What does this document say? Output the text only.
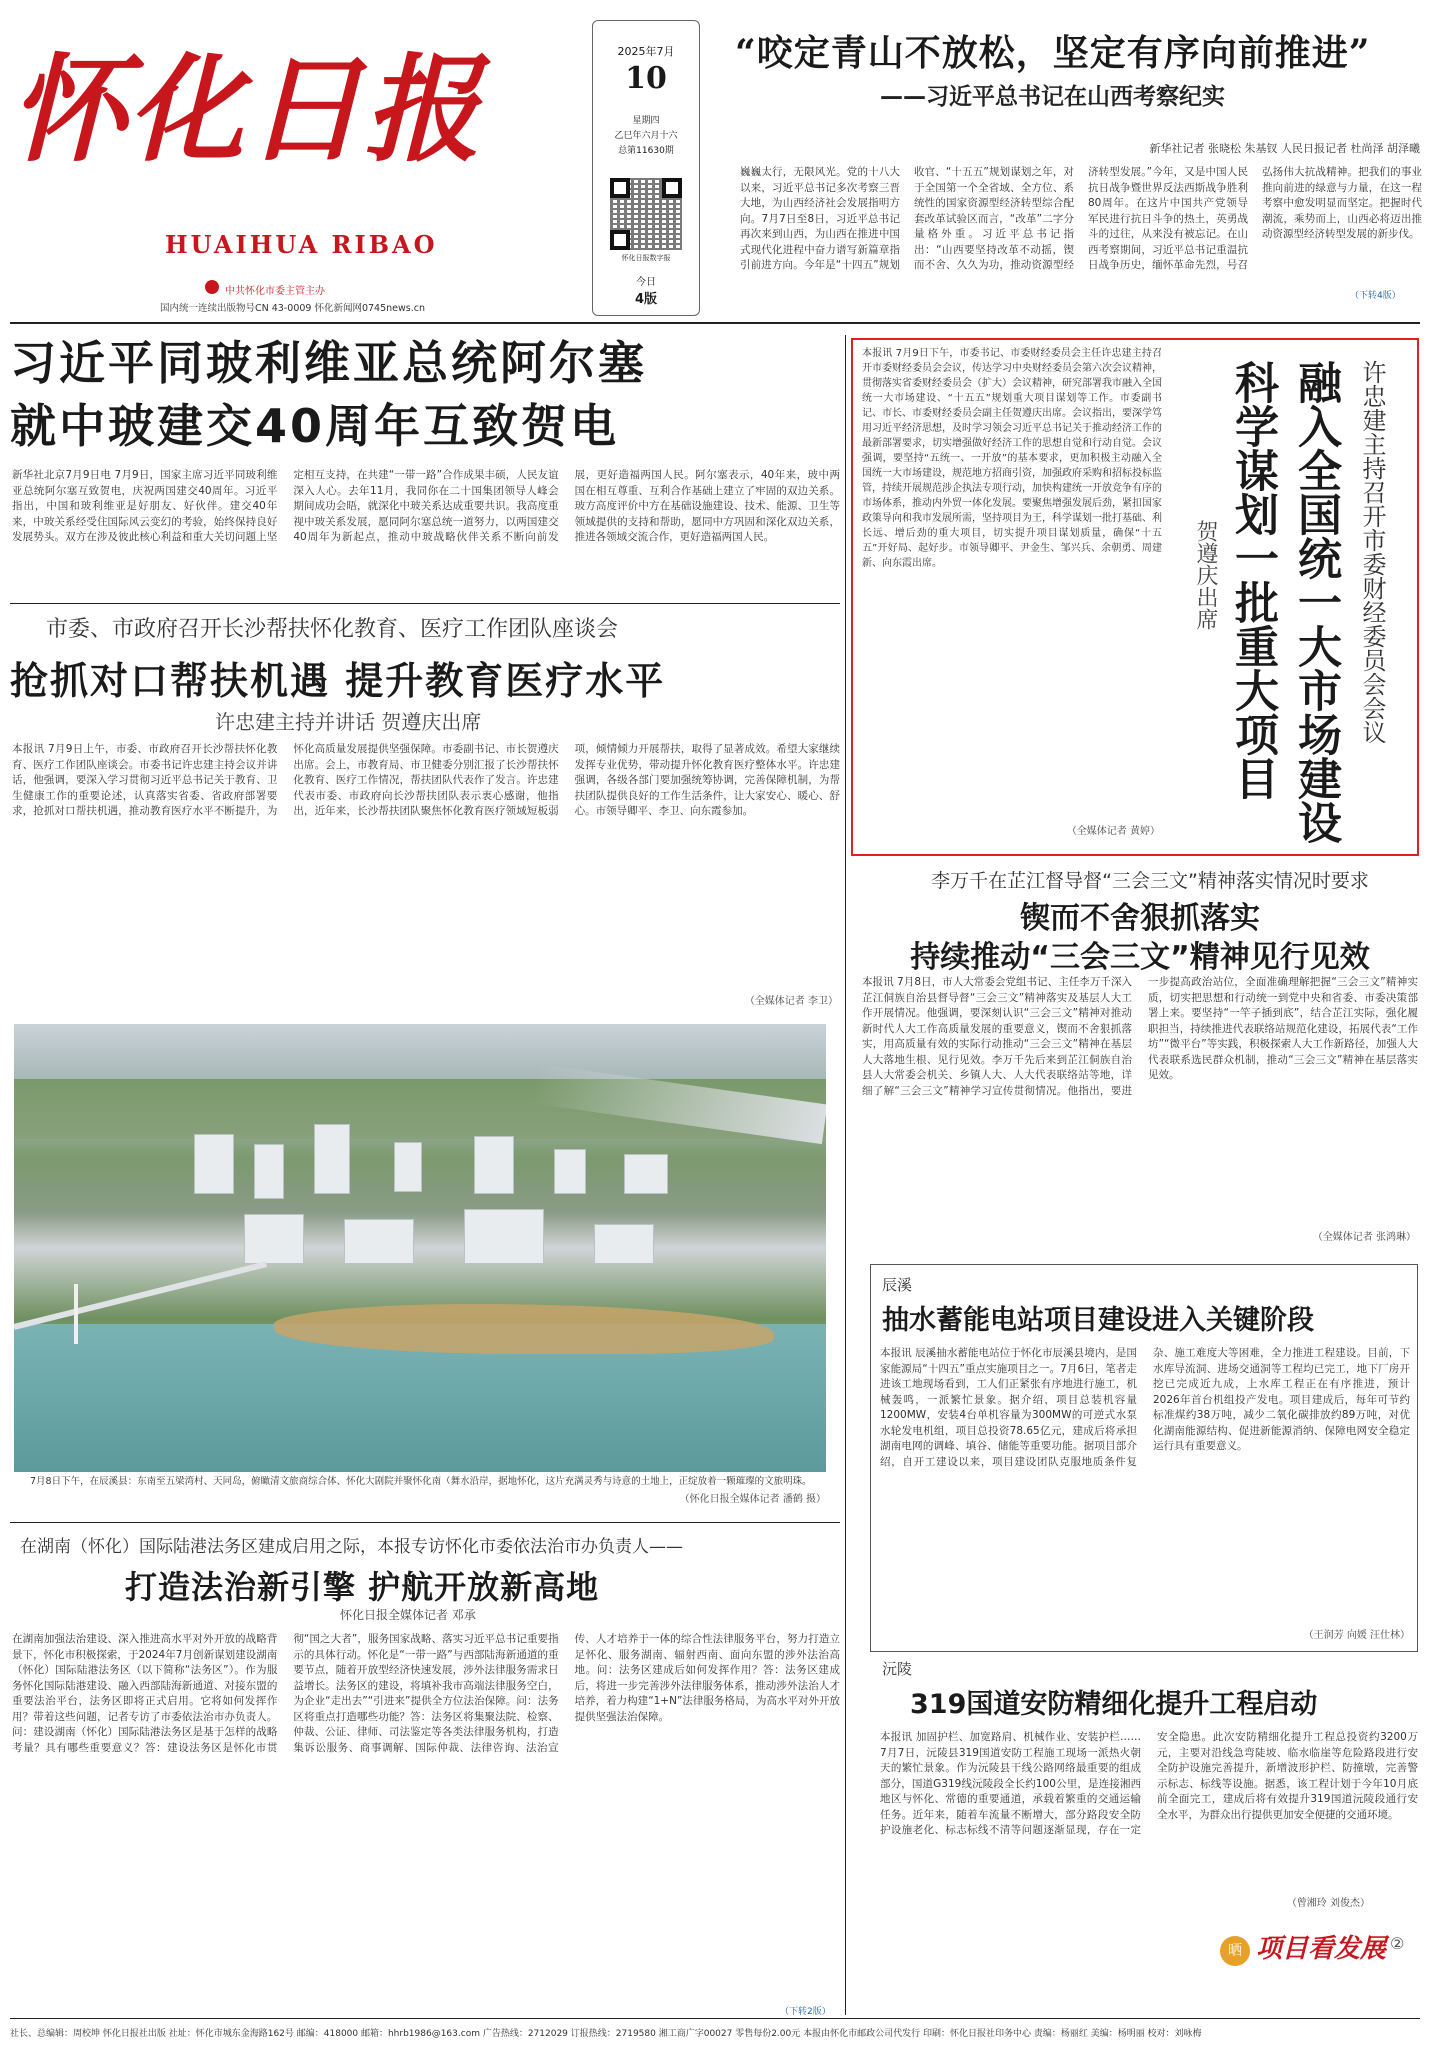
怀化日报
HUAIHUA RIBAO
中共怀化市委主管主办
国内统一连续出版物号CN 43-0009 怀化新闻网0745news.cn
2025年7月
10
星期四
乙巳年六月十六
总第11630期
怀化日报数字报
今日
4版
“咬定青山不放松，坚定有序向前推进”
——习近平总书记在山西考察纪实
新华社记者 张晓松 朱基钗 人民日报记者 杜尚泽 胡泽曦
巍巍太行，无限风光。党的十八大以来，习近平总书记多次考察三晋大地，为山西经济社会发展指明方向。7月7日至8日，习近平总书记再次来到山西，为山西在推进中国式现代化进程中奋力谱写新篇章指引前进方向。今年是“十四五”规划收官、“十五五”规划谋划之年，对于全国第一个全省域、全方位、系统性的国家资源型经济转型综合配套改革试验区而言，“改革”二字分量格外重。习近平总书记指出：“山西要坚持改革不动摇，锲而不舍、久久为功，推动资源型经济转型发展。”今年，又是中国人民抗日战争暨世界反法西斯战争胜利80周年。在这片中国共产党领导军民进行抗日斗争的热土，英勇战斗的过往，从来没有被忘记。在山西考察期间，习近平总书记重温抗日战争历史，缅怀革命先烈，号召弘扬伟大抗战精神。把我们的事业推向前进的绿意与力量，在这一程考察中愈发明显而坚定。把握时代潮流，乘势而上，山西必将迈出推动资源型经济转型发展的新步伐。
（下转4版）
习近平同玻利维亚总统阿尔塞
就中玻建交40周年互致贺电
新华社北京7月9日电 7月9日，国家主席习近平同玻利维亚总统阿尔塞互致贺电，庆祝两国建交40周年。习近平指出，中国和玻利维亚是好朋友、好伙伴。建交40年来，中玻关系经受住国际风云变幻的考验，始终保持良好发展势头。双方在涉及彼此核心利益和重大关切问题上坚定相互支持，在共建“一带一路”合作成果丰硕，人民友谊深入人心。去年11月，我同你在二十国集团领导人峰会期间成功会晤，就深化中玻关系达成重要共识。我高度重视中玻关系发展，愿同阿尔塞总统一道努力，以两国建交40周年为新起点，推动中玻战略伙伴关系不断向前发展，更好造福两国人民。阿尔塞表示，40年来，玻中两国在相互尊重、互利合作基础上建立了牢固的双边关系。玻方高度评价中方在基础设施建设、技术、能源、卫生等领域提供的支持和帮助，愿同中方巩固和深化双边关系，推进各领域交流合作，更好造福两国人民。
市委、市政府召开长沙帮扶怀化教育、医疗工作团队座谈会
抢抓对口帮扶机遇 提升教育医疗水平
许忠建主持并讲话 贺遵庆出席
本报讯 7月9日上午，市委、市政府召开长沙帮扶怀化教育、医疗工作团队座谈会。市委书记许忠建主持会议并讲话，他强调，要深入学习贯彻习近平总书记关于教育、卫生健康工作的重要论述，认真落实省委、省政府部署要求，抢抓对口帮扶机遇，推动教育医疗水平不断提升，为怀化高质量发展提供坚强保障。市委副书记、市长贺遵庆出席。会上，市教育局、市卫健委分别汇报了长沙帮扶怀化教育、医疗工作情况，帮扶团队代表作了发言。许忠建代表市委、市政府向长沙帮扶团队表示衷心感谢，他指出，近年来，长沙帮扶团队聚焦怀化教育医疗领域短板弱项，倾情倾力开展帮扶，取得了显著成效。希望大家继续发挥专业优势，带动提升怀化教育医疗整体水平。许忠建强调，各级各部门要加强统筹协调，完善保障机制，为帮扶团队提供良好的工作生活条件，让大家安心、暖心、舒心。市领导卿平、李卫、向东霞参加。
（全媒体记者 李卫）
本报讯 7月9日下午，市委书记、市委财经委员会主任许忠建主持召开市委财经委员会会议，传达学习中央财经委员会第六次会议精神，贯彻落实省委财经委员会（扩大）会议精神，研究部署我市融入全国统一大市场建设、“十五五”规划重大项目谋划等工作。市委副书记、市长、市委财经委员会副主任贺遵庆出席。会议指出，要深学笃用习近平经济思想，及时学习领会习近平总书记关于推动经济工作的最新部署要求，切实增强做好经济工作的思想自觉和行动自觉。会议强调，要坚持“五统一、一开放”的基本要求，更加积极主动融入全国统一大市场建设，规范地方招商引资，加强政府采购和招标投标监管，持续开展规范涉企执法专项行动，加快构建统一开放竞争有序的市场体系，推动内外贸一体化发展。要聚焦增强发展后劲，紧扣国家政策导向和我市发展所需，坚持项目为王，科学谋划一批打基础、利长远、增后劲的重大项目，切实提升项目谋划质量，确保“十五五”开好局、起好步。市领导卿平、尹金生、邹兴兵、余朝勇、周建新、向东霞出席。
（全媒体记者 黄婷）
许忠建主持召开市委财经委员会会议
融入全国统一大市场建设
科学谋划一批重大项目
贺遵庆出席
李万千在芷江督导督“三会三文”精神落实情况时要求
锲而不舍狠抓落实
持续推动“三会三文”精神见行见效
本报讯 7月8日，市人大常委会党组书记、主任李万千深入芷江侗族自治县督导督“三会三文”精神落实及基层人大工作开展情况。他强调，要深刻认识“三会三文”精神对推动新时代人大工作高质量发展的重要意义，锲而不舍狠抓落实，用高质量有效的实际行动推动“三会三文”精神在基层人大落地生根、见行见效。李万千先后来到芷江侗族自治县人大常委会机关、乡镇人大、人大代表联络站等地，详细了解“三会三文”精神学习宣传贯彻情况。他指出，要进一步提高政治站位，全面准确理解把握“三会三文”精神实质，切实把思想和行动统一到党中央和省委、市委决策部署上来。要坚持“一竿子插到底”，结合芷江实际，强化履职担当，持续推进代表联络站规范化建设，拓展代表“工作坊”“微平台”等实践，积极探索人大工作新路径，加强人大代表联系选民群众机制，推动“三会三文”精神在基层落实见效。
（全媒体记者 张鸿琳）
7月8日下午，在辰溪县：东南至五梁湾村、天同岛，俯瞰清文旅商综合体、怀化大剧院并聚怀化南（舞水沿岸，据地怀化，这片充满灵秀与诗意的土地上，正绽放着一颗璀璨的文旅明珠。
（怀化日报全媒体记者 潘鹤 摄）
在湖南（怀化）国际陆港法务区建成启用之际，本报专访怀化市委依法治市办负责人——
打造法治新引擎 护航开放新高地
怀化日报全媒体记者 邓承
在湖南加强法治建设、深入推进高水平对外开放的战略背景下，怀化市积极探索，于2024年7月创新谋划建设湖南（怀化）国际陆港法务区（以下简称“法务区”）。作为服务怀化国际陆港建设、融入西部陆海新通道、对接东盟的重要法治平台，法务区即将正式启用。它将如何发挥作用？带着这些问题，记者专访了市委依法治市办负责人。问：建设湖南（怀化）国际陆港法务区是基于怎样的战略考量？具有哪些重要意义？答：建设法务区是怀化市贯彻“国之大者”，服务国家战略、落实习近平总书记重要指示的具体行动。怀化是“一带一路”与西部陆海新通道的重要节点，随着开放型经济快速发展，涉外法律服务需求日益增长。法务区的建设，将填补我市高端法律服务空白，为企业“走出去”“引进来”提供全方位法治保障。问：法务区将重点打造哪些功能？答：法务区将集聚法院、检察、仲裁、公证、律师、司法鉴定等各类法律服务机构，打造集诉讼服务、商事调解、国际仲裁、法律咨询、法治宣传、人才培养于一体的综合性法律服务平台，努力打造立足怀化、服务湖南、辐射西南、面向东盟的涉外法治高地。问：法务区建成后如何发挥作用？答：法务区建成后，将进一步完善涉外法律服务体系，推动涉外法治人才培养，着力构建“1+N”法律服务格局，为高水平对外开放提供坚强法治保障。
（下转2版）
辰溪
抽水蓄能电站项目建设进入关键阶段
本报讯 辰溪抽水蓄能电站位于怀化市辰溪县境内，是国家能源局“十四五”重点实施项目之一。7月6日，笔者走进该工地现场看到，工人们正紧张有序地进行施工，机械轰鸣，一派繁忙景象。据介绍，项目总装机容量1200MW，安装4台单机容量为300MW的可逆式水泵水轮发电机组，项目总投资78.65亿元，建成后将承担湖南电网的调峰、填谷、储能等重要功能。据项目部介绍，自开工建设以来，项目建设团队克服地质条件复杂、施工难度大等困难，全力推进工程建设。目前，下水库导流洞、进场交通洞等工程均已完工，地下厂房开挖已完成近九成，上水库工程正在有序推进，预计2026年首台机组投产发电。项目建成后，每年可节约标准煤约38万吨，减少二氧化碳排放约89万吨，对优化湖南能源结构、促进新能源消纳、保障电网安全稳定运行具有重要意义。
（王润芳 向媛 汪仕林）
沅陵
319国道安防精细化提升工程启动
本报讯 加固护栏、加宽路肩、机械作业、安装护栏……7月7日，沅陵县319国道安防工程施工现场一派热火朝天的繁忙景象。作为沅陵县干线公路网络最重要的组成部分，国道G319线沅陵段全长约100公里，是连接湘西地区与怀化、常德的重要通道，承载着繁重的交通运输任务。近年来，随着车流量不断增大，部分路段安全防护设施老化、标志标线不清等问题逐渐显现，存在一定安全隐患。此次安防精细化提升工程总投资约3200万元，主要对沿线急弯陡坡、临水临崖等危险路段进行安全防护设施完善提升，新增波形护栏、防撞墩，完善警示标志、标线等设施。据悉，该工程计划于今年10月底前全面完工，建成后将有效提升319国道沅陵段通行安全水平，为群众出行提供更加安全便捷的交通环境。
（曾湘玲 刘俊杰）
晒 项目看发展 ②
社长、总编辑：周校坤 怀化日报社出版 社址：怀化市城东金海路162号 邮编：418000 邮箱：hhrb1986@163.com 广告热线：2712029 订报热线：2719580 湘工商广字00027 零售每份2.00元 本报由怀化市邮政公司代发行 印刷：怀化日报社印务中心 责编：杨丽红 美编：杨明丽 校对：刘咏梅
